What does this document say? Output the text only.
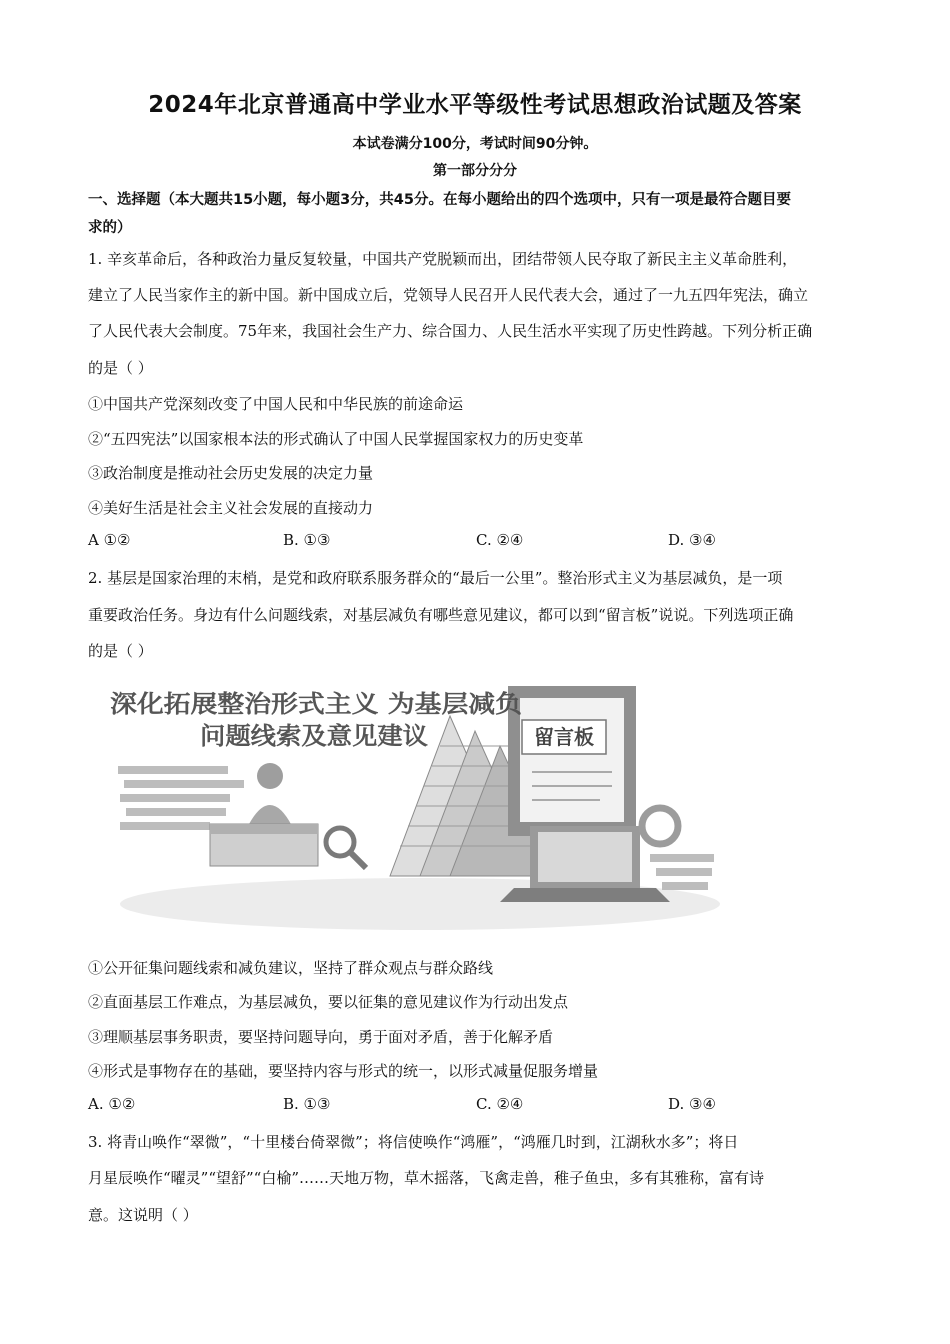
2024年北京普通高中学业水平等级性考试思想政治试题及答案
本试卷满分100分，考试时间90分钟。
第一部分分分
一、选择题（本大题共15小题，每小题3分，共45分。在每小题给出的四个选项中，只有一项是最符合题目要
求的）
1. 辛亥革命后，各种政治力量反复较量，中国共产党脱颖而出，团结带领人民夺取了新民主主义革命胜利，
建立了人民当家作主的新中国。新中国成立后，党领导人民召开人民代表大会，通过了一九五四年宪法，确立
了人民代表大会制度。75年来，我国社会生产力、综合国力、人民生活水平实现了历史性跨越。下列分析正确
的是（ ）
①中国共产党深刻改变了中国人民和中华民族的前途命运
②“五四宪法”以国家根本法的形式确认了中国人民掌握国家权力的历史变革
③政治制度是推动社会历史发展的决定力量
④美好生活是社会主义社会发展的直接动力
A ①②	B. ①③	C. ②④	D. ③④
2. 基层是国家治理的末梢，是党和政府联系服务群众的“最后一公里”。整治形式主义为基层减负，是一项
重要政治任务。身边有什么问题线索，对基层减负有哪些意见建议，都可以到“留言板”说说。下列选项正确
的是（ ）
留言板
深化拓展整治形式主义 为基层减负
问题线索及意见建议
①公开征集问题线索和减负建议，坚持了群众观点与群众路线
②直面基层工作难点，为基层减负，要以征集的意见建议作为行动出发点
③理顺基层事务职责，要坚持问题导向，勇于面对矛盾，善于化解矛盾
④形式是事物存在的基础，要坚持内容与形式的统一，以形式减量促服务增量
A. ①②	B. ①③	C. ②④	D. ③④
3. 将青山唤作“翠微”，“十里楼台倚翠微”；将信使唤作“鸿雁”，“鸿雁几时到，江湖秋水多”；将日
月星辰唤作“曜灵”“望舒”“白榆”……天地万物，草木摇落，飞禽走兽，稚子鱼虫，多有其雅称，富有诗
意。这说明（ ）
